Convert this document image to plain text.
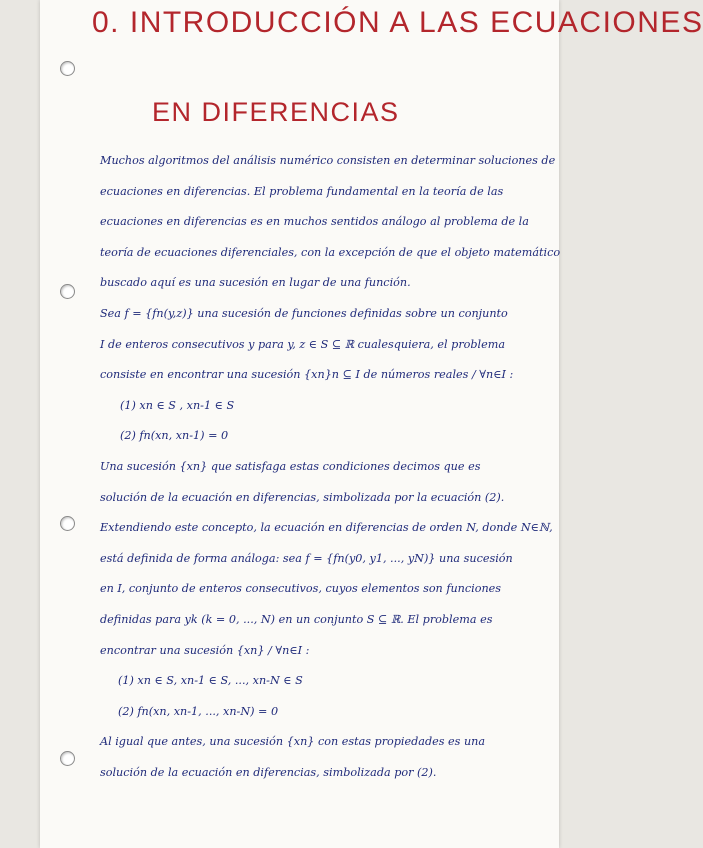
0. INTRODUCCIÓN A LAS ECUACIONES
EN DIFERENCIAS
Muchos algoritmos del análisis numérico consisten en determinar soluciones de
ecuaciones en diferencias. El problema fundamental en la teoría de las
ecuaciones en diferencias es en muchos sentidos análogo al problema de la
teoría de ecuaciones diferenciales, con la excepción de que el objeto matemático
buscado aquí es una sucesión en lugar de una función.
Sea f = {fn(y,z)} una sucesión de funciones definidas sobre un conjunto
I de enteros consecutivos y para y, z ∈ S ⊆ ℝ cualesquiera, el problema
consiste en encontrar una sucesión {xn}n ⊆ I de números reales / ∀n∈I :
(1) xn ∈ S , xn-1 ∈ S
(2) fn(xn, xn-1) = 0
Una sucesión {xn} que satisfaga estas condiciones decimos que es
solución de la ecuación en diferencias, simbolizada por la ecuación (2).
Extendiendo este concepto, la ecuación en diferencias de orden N, donde N∈ℕ,
está definida de forma análoga: sea f = {fn(y0, y1, ..., yN)} una sucesión
en I, conjunto de enteros consecutivos, cuyos elementos son funciones
definidas para yk (k = 0, ..., N) en un conjunto S ⊆ ℝ. El problema es
encontrar una sucesión {xn} / ∀n∈I :
(1) xn ∈ S, xn-1 ∈ S, ..., xn-N ∈ S
(2) fn(xn, xn-1, ..., xn-N) = 0
Al igual que antes, una sucesión {xn} con estas propiedades es una
solución de la ecuación en diferencias, simbolizada por (2).
